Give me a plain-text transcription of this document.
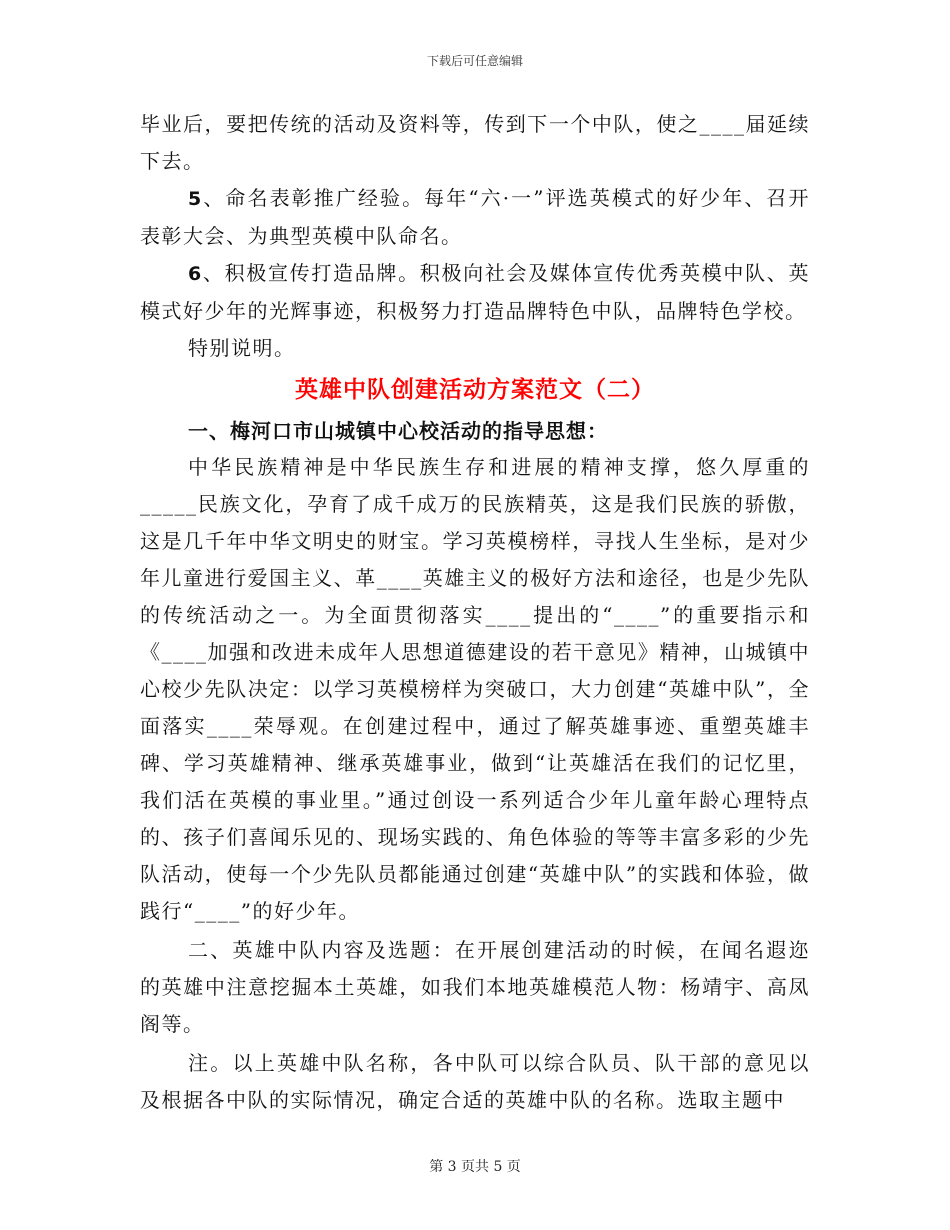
下载后可任意编辑

毕业后，要把传统的活动及资料等，传到下一个中队，使之____届延续下去。

5、命名表彰推广经验。每年“六·一”评选英模式的好少年、召开表彰大会、为典型英模中队命名。

6、积极宣传打造品牌。积极向社会及媒体宣传优秀英模中队、英模式好少年的光辉事迹，积极努力打造品牌特色中队，品牌特色学校。

特别说明。

英雄中队创建活动方案范文（二）

一、梅河口市山城镇中心校活动的指导思想：

中华民族精神是中华民族生存和进展的精神支撑，悠久厚重的_____民族文化，孕育了成千成万的民族精英，这是我们民族的骄傲，这是几千年中华文明史的财宝。学习英模榜样，寻找人生坐标，是对少年儿童进行爱国主义、革____英雄主义的极好方法和途径，也是少先队的传统活动之一。为全面贯彻落实____提出的“____”的重要指示和《____加强和改进未成年人思想道德建设的若干意见》精神，山城镇中心校少先队决定：以学习英模榜样为突破口，大力创建“英雄中队”，全面落实____荣辱观。在创建过程中，通过了解英雄事迹、重塑英雄丰碑、学习英雄精神、继承英雄事业，做到“让英雄活在我们的记忆里，我们活在英模的事业里。”通过创设一系列适合少年儿童年龄心理特点的、孩子们喜闻乐见的、现场实践的、角色体验的等等丰富多彩的少先队活动，使每一个少先队员都能通过创建“英雄中队”的实践和体验，做践行“____”的好少年。

二、英雄中队内容及选题：在开展创建活动的时候，在闻名遐迩的英雄中注意挖掘本土英雄，如我们本地英雄模范人物：杨靖宇、高凤阁等。

注。以上英雄中队名称，各中队可以综合队员、队干部的意见以及根据各中队的实际情况，确定合适的英雄中队的名称。选取主题中

第 3 页共 5 页
